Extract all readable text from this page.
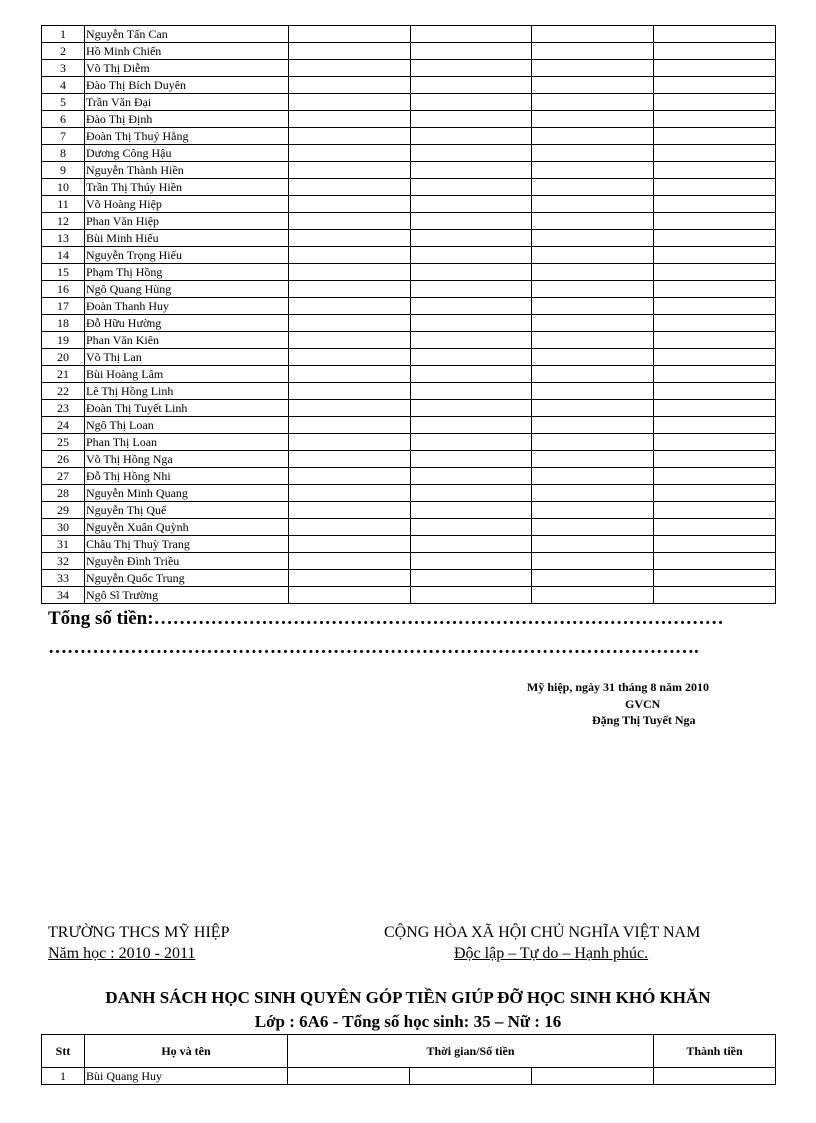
1	Nguyễn Tấn Can				
2	Hồ Minh Chiến				
3	Võ Thị Diễm				
4	Đào Thị Bích Duyên				
5	Trần Văn Đại				
6	Đào Thị Định				
7	Đoàn Thị Thuý Hằng				
8	Dương Công Hậu				
9	Nguyễn Thành Hiền				
10	Trần Thị Thúy Hiền				
11	Võ Hoàng Hiệp				
12	Phan Văn Hiệp				
13	Bùi Minh Hiếu				
14	Nguyễn Trọng Hiếu				
15	Phạm Thị Hồng				
16	Ngô Quang Hùng				
17	Đoàn Thanh Huy				
18	Đỗ Hữu Hường				
19	Phan Văn Kiên				
20	Võ Thị Lan				
21	Bùi Hoàng Lâm				
22	Lê Thị Hồng Linh				
23	Đoàn Thị Tuyết Linh				
24	Ngô Thị Loan				
25	Phan Thị Loan				
26	Võ Thị Hồng Nga				
27	Đỗ Thị Hồng Nhi				
28	Nguyễn Minh Quang				
29	Nguyễn Thị Quế				
30	Nguyễn Xuân Quỳnh				
31	Châu Thị Thuỳ Trang				
32	Nguyễn Đình Triều				
33	Nguyễn Quốc Trung				
34	Ngô Sĩ Trường				
Tổng số tiền:………………………………………………………………………………
………………………………………………………………………………………….
Mỹ hiệp, ngày 31 tháng 8 năm 2010
GVCN
Đặng Thị Tuyết Nga
TRƯỜNG THCS MỸ HIỆP
Năm học : 2010 - 2011
CỘNG HÒA XÃ HỘI CHỦ NGHĨA VIỆT NAM
Độc lập – Tự do – Hạnh phúc.
DANH SÁCH HỌC SINH QUYÊN GÓP TIỀN GIÚP ĐỠ HỌC SINH KHÓ KHĂN
Lớp : 6A6 - Tổng số học sinh: 35 – Nữ : 16
Stt	Họ và tên	Thời gian/Số tiền			Thành tiền
1	Bùi Quang Huy				
